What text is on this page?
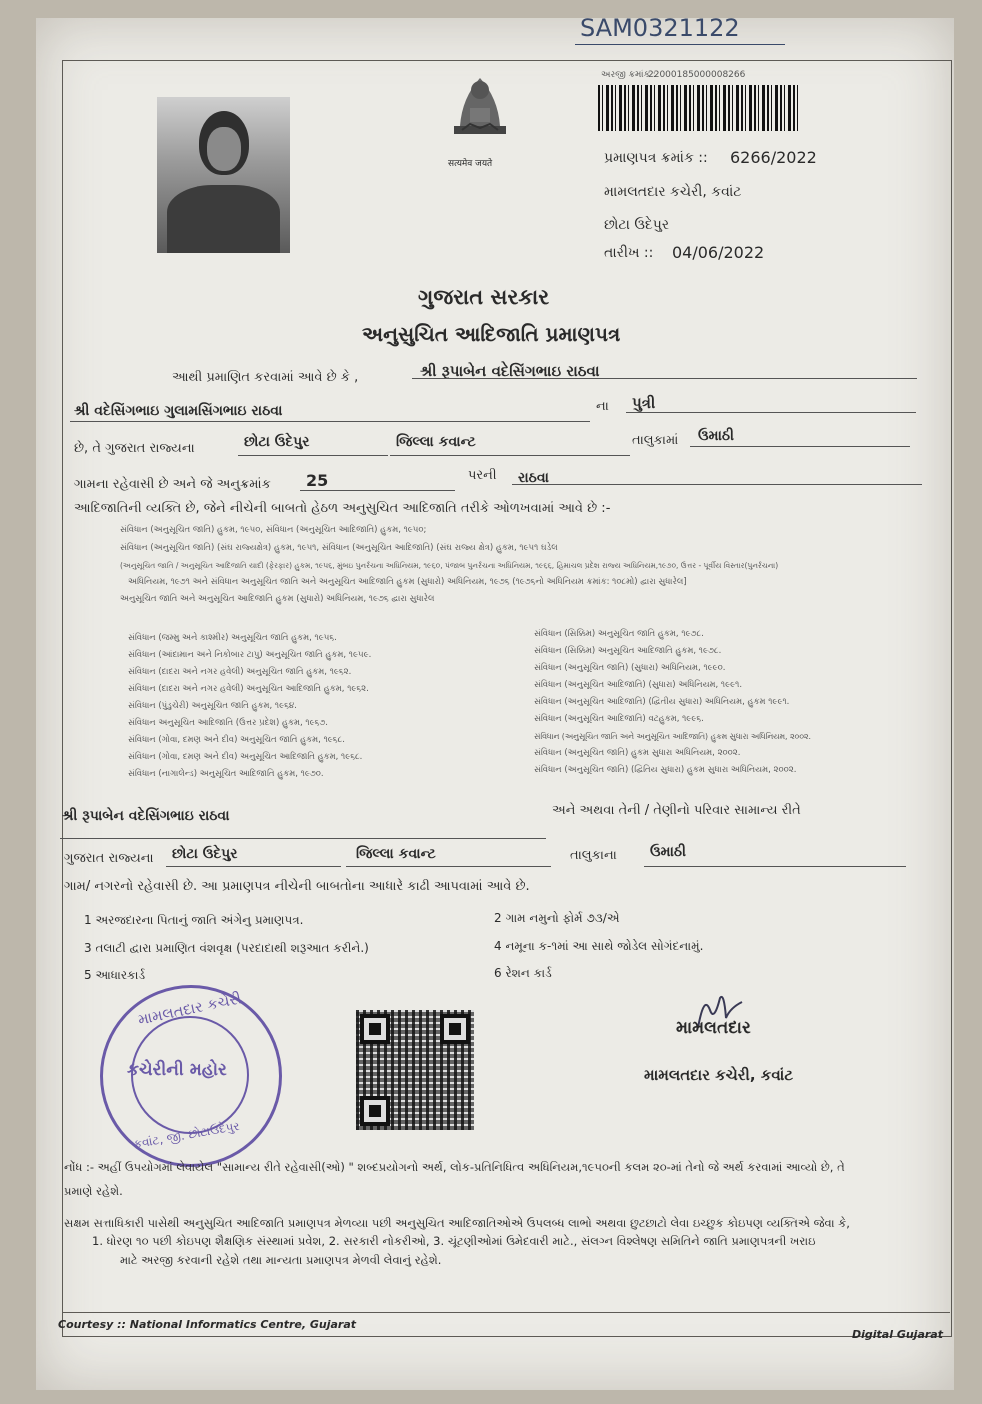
SAM0321122
सत्यमेव जयते
અરજી ક્રમાંક :
22000185000008266
પ્રમાણપત્ર ક્રમાંક :: 6266/2022
મામલતદાર કચેરી, કવાંટ
છોટા ઉદેપુર
તારીખ :: 04/06/2022
ગુજરાત સરકાર
અનુસુચિત આદિજાતિ પ્રમાણપત્ર
આથી પ્રમાણિત કરવામાં આવે છે કે ,	શ્રી રૂપાબેન વદેસિંગભાઇ રાઠવા
શ્રી વદેસિંગભાઇ ગુલામસિંગભાઇ રાઠવા	ના પુત્રી
છે, તે ગુજરાત રાજ્યના	છોટા ઉદેપુર	જિલ્લા કવાન્ટ	તાલુકામાં ઉમાઠી
ગામના રહેવાસી છે અને જે અનુક્રમાંક 25	પરની રાઠવા
આદિજાતિની વ્યક્તિ છે, જેને નીચેની બાબતો હેઠળ અનુસુચિત આદિજાતિ તરીકે ઓળખવામાં આવે છે :-
સંવિધાન (અનુસૂચિત જાતિ) હુકમ, ૧૯૫૦, સંવિધાન (અનુસૂચિત આદિજાતિ) હુકમ, ૧૯૫૦;
સંવિધાન (અનુસૂચિત જાતિ) (સંઘ રાજ્યક્ષેત્ર) હુકમ, ૧૯૫૧, સંવિધાન (અનુસૂચિત આદિજાતિ) (સંઘ રાજ્ય ક્ષેત્ર) હુકમ, ૧૯૫૧ ઘડેલ
(અનુસૂચિત જાતિ / અનુસૂચિત આદિજાતિ યાદી (ફેરફાર) હુકમ, ૧૯૫૬, મુંબઇ પુનર્રચના અધિનિયમ, ૧૯૬૦, પંજાબ પુનર્રચના અધિનિયમ, ૧૯૬૬, હિમાચલ પ્રદેશ રાજ્ય અધિનિયમ,૧૯૭૦, ઉત્તર - પૂર્વીય વિસ્તાર(પુનર્રચના)
અધિનિયમ, ૧૯૭૧ અને સંવિધાન અનુસૂચિત જાતિ અને અનુસૂચિત આદિજાતિ હુકમ (સુધારો) અધિનિયમ, ૧૯૭૬ (૧૯૭૬નો અધિનિયમ ક્રમાંક: ૧૦૮મો) દ્વારા સુધારેલ]
અનુસૂચિત જાતિ અને અનુસૂચિત આદિજાતિ હુકમ (સુધારો) અધિનિયમ, ૧૯૭૬ દ્વારા સુધારેલ
સંવિધાન (જમ્મુ અને કાશ્મીર) અનુસૂચિત જાતિ હુકમ, ૧૯૫૬.
સંવિધાન (આંદામાન અને નિકોબાર ટાપુ) અનુસૂચિત જાતિ હુકમ, ૧૯૫૯.
સંવિધાન (દાદરા અને નગર હવેલી) અનુસૂચિત જાતિ હુકમ, ૧૯૬૨.
સંવિધાન (દાદરા અને નગર હવેલી) અનુસૂચિત આદિજાતિ હુકમ, ૧૯૬૨.
સંવિધાન (પુંડુચેરી) અનુસૂચિત જાતિ હુકમ, ૧૯૬૪.
સંવિધાન અનુસૂચિત આદિજાતિ (ઉત્તર પ્રદેશ) હુકમ, ૧૯૬૭.
સંવિધાન (ગોવા, દમણ અને દીવ) અનુસૂચિત જાતિ હુકમ, ૧૯૬૮.
સંવિધાન (ગોવા, દમણ અને દીવ) અનુસૂચિત આદિજાતિ હુકમ, ૧૯૬૮.
સંવિધાન (નાગાલેન્ડ) અનુસૂચિત આદિજાતિ હુકમ, ૧૯૭૦.
સંવિધાન (સિક્કિમ) અનુસૂચિત જાતિ હુકમ, ૧૯૭૮.
સંવિધાન (સિક્કિમ) અનુસૂચિત આદિજાતિ હુકમ, ૧૯૭૮.
સંવિધાન (અનુસૂચિત જાતિ) (સુધારા) અધિનિયમ, ૧૯૯૦.
સંવિધાન (અનુસૂચિત આદિજાતિ) (સુધારા) અધિનિયમ, ૧૯૯૧.
સંવિધાન (અનુસૂચિત આદિજાતિ) (દ્વિતીય સુધારા) અધિનિયમ, હુકમ ૧૯૯૧.
સંવિધાન (અનુસૂચિત આદિજાતિ) વટહુકમ, ૧૯૯૬.
સંવિધાન (અનુસૂચિત જાતિ અને અનુસૂચિત આદિજાતિ) હુકમ સુધારા અધિનિયમ, ૨૦૦૨.
સંવિધાન (અનુસૂચિત જાતિ) હુકમ સુધારા અધિનિયમ, ૨૦૦૨.
સંવિધાન (અનુસૂચિત જાતિ) (દ્વિતિય સુધારા) હુકમ સુધારા અધિનિયમ, ૨૦૦૨.
શ્રી રૂપાબેન વદેસિંગભાઇ રાઠવા	અને અથવા તેની / તેણીનો પરિવાર સામાન્ય રીતે
ગુજરાત રાજ્યના છોટા ઉદેપુર	જિલ્લા કવાન્ટ	તાલુકાના ઉમાઠી
ગામ/ નગરનો રહેવાસી છે. આ પ્રમાણપત્ર નીચેની બાબતોના આધારે કાઢી આપવામાં આવે છે.
1 અરજદારના પિતાનું જાતિ અંગેનુ પ્રમાણપત્ર.	2 ગામ નમુનો ફોર્મ ૭૩/એ
3 તલાટી દ્વારા પ્રમાણિત વંશવૃક્ષ (પરદાદાથી શરૂઆત કરીને.)	4 નમૂના ક-૧માં આ સાથે જોડેલ સોગંદનામું.
5 આધારકાર્ડ	6 રેશન કાર્ડ
મામલતદાર કચેરી
કચેરીની મહોર
કવાંટ, જી. છોટાઉદેપુર
મામલતદાર
મામલતદાર કચેરી, કવાંટ
નોંધ :- અહીં ઉપયોગમાં લેવાયેલ "સામાન્ય રીતે રહેવાસી(ઓ) " શબ્દપ્રયોગનો અર્થ, લોક-પ્રતિનિધિત્વ અધિનિયમ,૧૯૫૦ની કલમ ૨૦-માં તેનો જે અર્થ કરવામાં આવ્યો છે, તે
પ્રમાણે રહેશે.
સક્ષમ સત્તાધિકારી પાસેથી અનુસુચિત આદિજાતિ પ્રમાણપત્ર મેળવ્યા પછી અનુસુચિત આદિજાતિઓએ ઉપલબ્ધ લાભો અથવા છુટછાટો લેવા ઇચ્છુક કોઇપણ વ્યક્તિએ જેવા કે,
1. ધોરણ ૧૦ પછી કોઇપણ શૈક્ષણિક સંસ્થામાં પ્રવેશ, 2. સરકારી નોકરીઓ, 3. ચૂંટણીઓમાં ઉમેદવારી માટે., સંલગ્ન વિશ્લેષણ સમિતિને જાતિ પ્રમાણપત્રની ખરાઇ
માટે અરજી કરવાની રહેશે તથા માન્યતા પ્રમાણપત્ર મેળવી લેવાનું રહેશે.
Courtesy :: National Informatics Centre, Gujarat
Digital Gujarat
